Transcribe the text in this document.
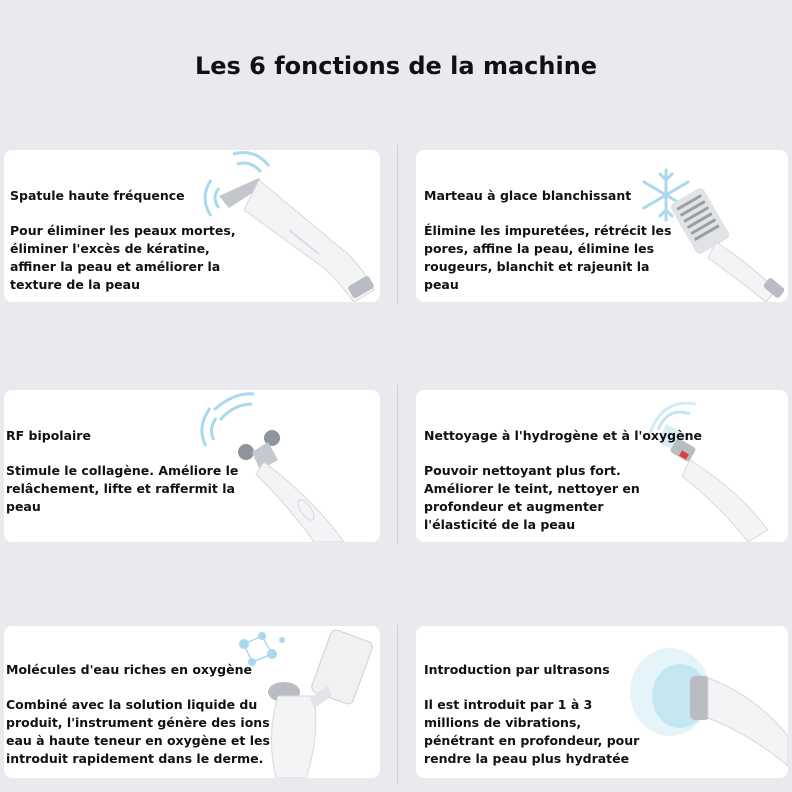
Les 6 fonctions de la machine
Spatule haute fréquence
Pour éliminer les peaux mortes, éliminer l'excès de kératine, affiner la peau et améliorer la texture de la peau
Marteau à glace blanchissant
Élimine les impuretées, rétrécit les pores, affine la peau, élimine les rougeurs, blanchit et rajeunit la peau
RF bipolaire
Stimule le collagène. Améliore le relâchement, lifte et raffermit la peau
Nettoyage à l'hydrogène et à l'oxygène
Pouvoir nettoyant plus fort. Améliorer le teint, nettoyer en profondeur et augmenter l'élasticité de la peau
Molécules d'eau riches en oxygène
Combiné avec la solution liquide du produit, l'instrument génère des ions eau à haute teneur en oxygène et les introduit rapidement dans le derme.
Introduction par ultrasons
Il est introduit par 1 à 3 millions de vibrations, pénétrant en profondeur, pour rendre la peau plus hydratée
